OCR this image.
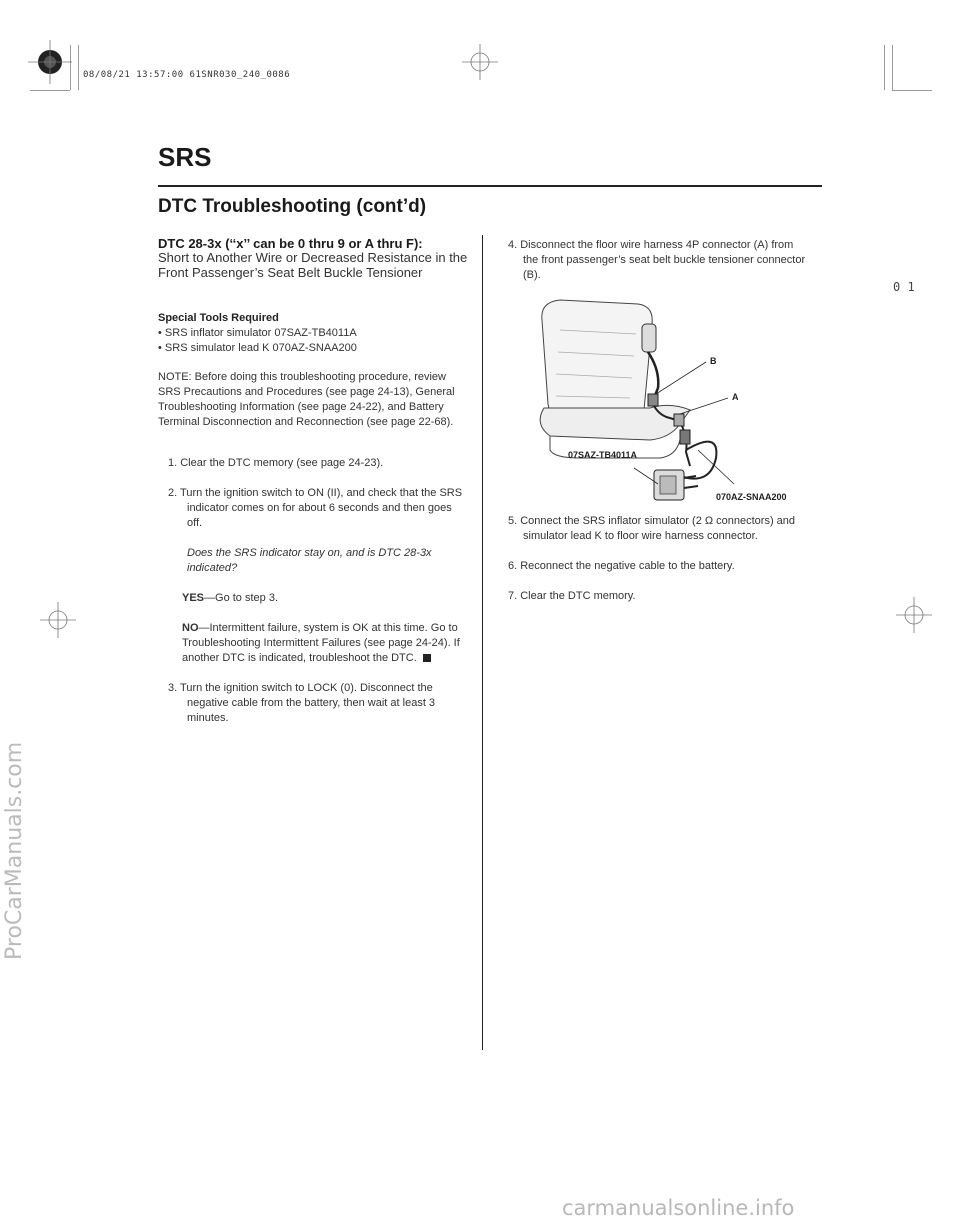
08/08/21 13:57:00 61SNR030_240_0086
SRS
DTC Troubleshooting (cont’d)
DTC 28-3x (‘‘x’’ can be 0 thru 9 or A thru F):
Short to Another Wire or Decreased Resistance in the Front Passenger’s Seat Belt Buckle Tensioner
Special Tools Required
• SRS inflator simulator 07SAZ-TB4011A
• SRS simulator lead K 070AZ-SNAA200
NOTE: Before doing this troubleshooting procedure, review SRS Precautions and Procedures (see page 24-13), General Troubleshooting Information (see page 24-22), and Battery Terminal Disconnection and Reconnection (see page 22-68).
1. Clear the DTC memory (see page 24-23).
2. Turn the ignition switch to ON (II), and check that the SRS indicator comes on for about 6 seconds and then goes off.
Does the SRS indicator stay on, and is DTC 28-3x indicated?
YES—Go to step 3.
NO—Intermittent failure, system is OK at this time. Go to Troubleshooting Intermittent Failures (see page 24-24). If another DTC is indicated, troubleshoot the DTC.
3. Turn the ignition switch to LOCK (0). Disconnect the negative cable from the battery, then wait at least 3 minutes.
4. Disconnect the floor wire harness 4P connector (A) from the front passenger’s seat belt buckle tensioner connector (B).
B
A
07SAZ-TB4011A
070AZ-SNAA200
5. Connect the SRS inflator simulator (2 Ω connectors) and simulator lead K to floor wire harness connector.
6. Reconnect the negative cable to the battery.
7. Clear the DTC memory.
0 1
ProCarManuals.com
carmanualsonline.info
